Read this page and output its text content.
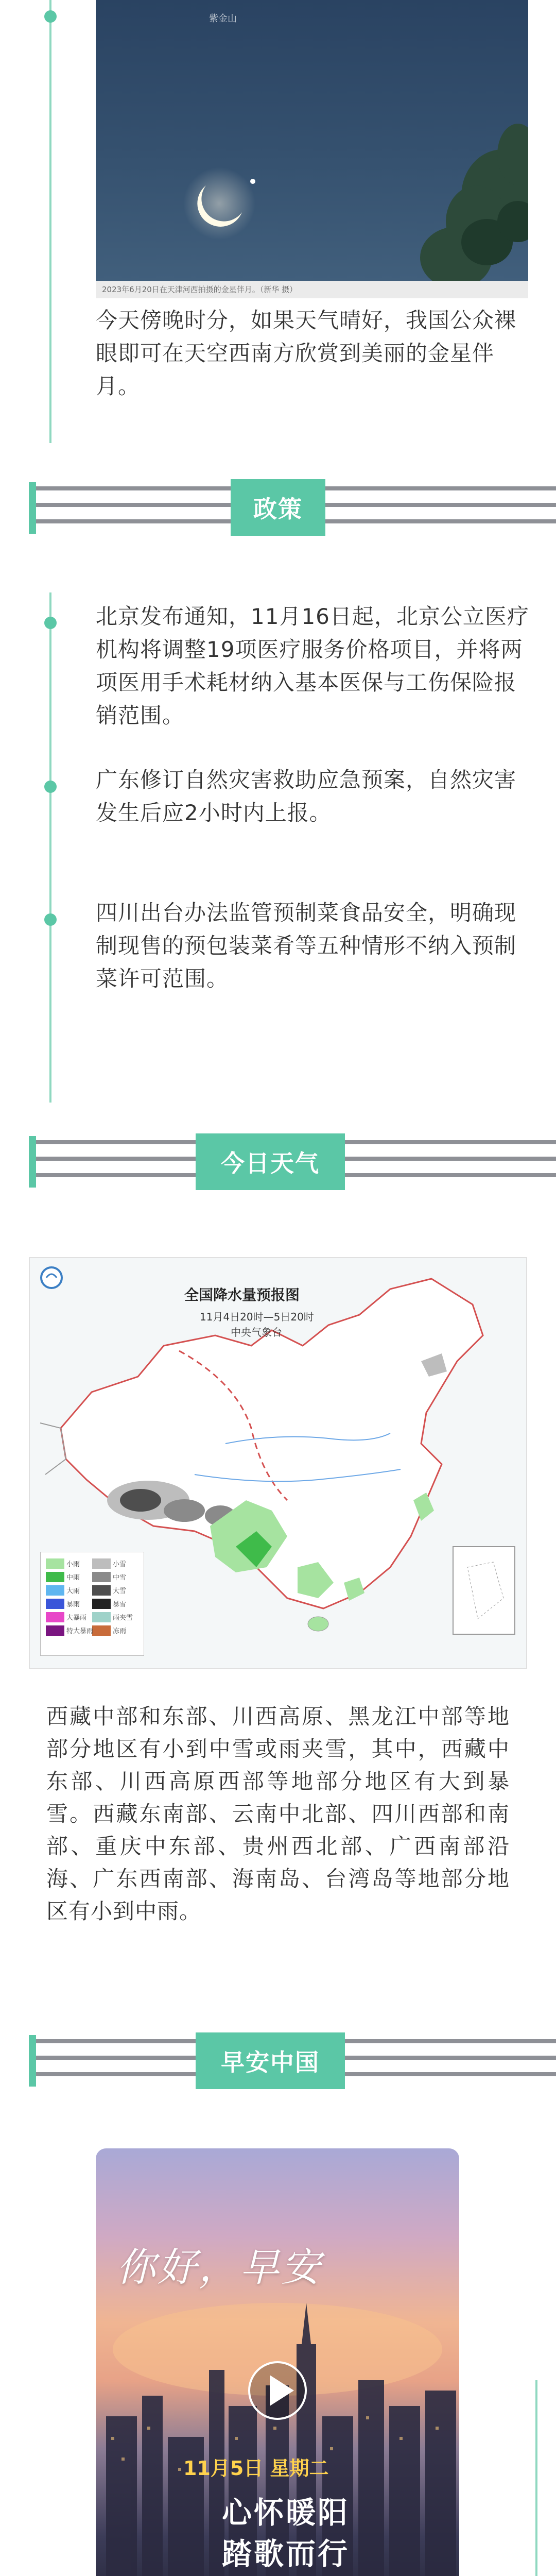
紫金山
2023年6月20日在天津河西拍摄的金星伴月。（新华 摄）
今天傍晚时分，如果天气晴好，我国公众裸眼即可在天空西南方欣赏到美丽的金星伴月。
政策
北京发布通知，11月16日起，北京公立医疗机构将调整19项医疗服务价格项目，并将两项医用手术耗材纳入基本医保与工伤保险报销范围。
广东修订自然灾害救助应急预案，自然灾害发生后应2小时内上报。
四川出台办法监管预制菜食品安全，明确现制现售的预包装菜肴等五种情形不纳入预制菜许可范围。
今日天气
小雨
中雨
大雨
暴雨
大暴雨
特大暴雨
小雪
中雪
大雪
暴雪
雨夹雪
冻雨
全国降水量预报图
11月4日20时—5日20时
中央气象台
西藏中部和东部、川西高原、黑龙江中部等地部分地区有小到中雪或雨夹雪，其中，西藏中东部、川西高原西部等地部分地区有大到暴雪。西藏东南部、云南中北部、四川西部和南部、重庆中东部、贵州西北部、广西南部沿海、广东西南部、海南岛、台湾岛等地部分地区有小到中雨。
早安中国
你好，早安
11月5日 星期二
心怀暖阳
踏歌而行
